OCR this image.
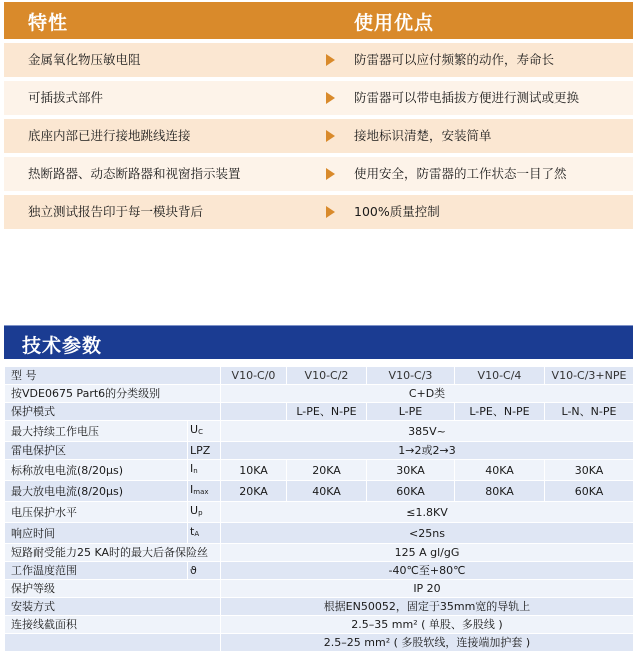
特性	使用优点
金属氧化物压敏电阻	防雷器可以应付频繁的动作，寿命长
可插拔式部件	防雷器可以带电插拔方便进行测试或更换
底座内部已进行接地跳线连接	接地标识清楚，安装简单
热断路器、动态断路器和视窗指示装置	使用安全，防雷器的工作状态一目了然
独立测试报告印于每一模块背后	100%质量控制
技术参数
型 号		V10-C/0	V10-C/2	V10-C/3	V10-C/4	V10-C/3+NPE
按VDE0675 Part6的分类级别		C+D类				
保护模式			L-PE、N-PE	L-PE	L-PE、N-PE	L-N、N-PE
最大持续工作电压	UC	385V~				
雷电保护区	LPZ	1→2或2→3				
标称放电电流(8/20μs)	In	10KA	20KA	30KA	40KA	30KA
最大放电电流(8/20μs)	Imax	20KA	40KA	60KA	80KA	60KA
电压保护水平	Up	≤1.8KV				
响应时间	tA	<25ns				
短路耐受能力25 KA时的最大后备保险丝		125 A gl/gG				
工作温度范围	ϑ	-40℃至+80℃				
保护等级		IP 20				
安装方式		根据EN50052，固定于35mm宽的导轨上				
连接线截面积		2.5–35 mm² ( 单股、多股线 )				
		2.5–25 mm² ( 多股软线，连接端加护套 )				
